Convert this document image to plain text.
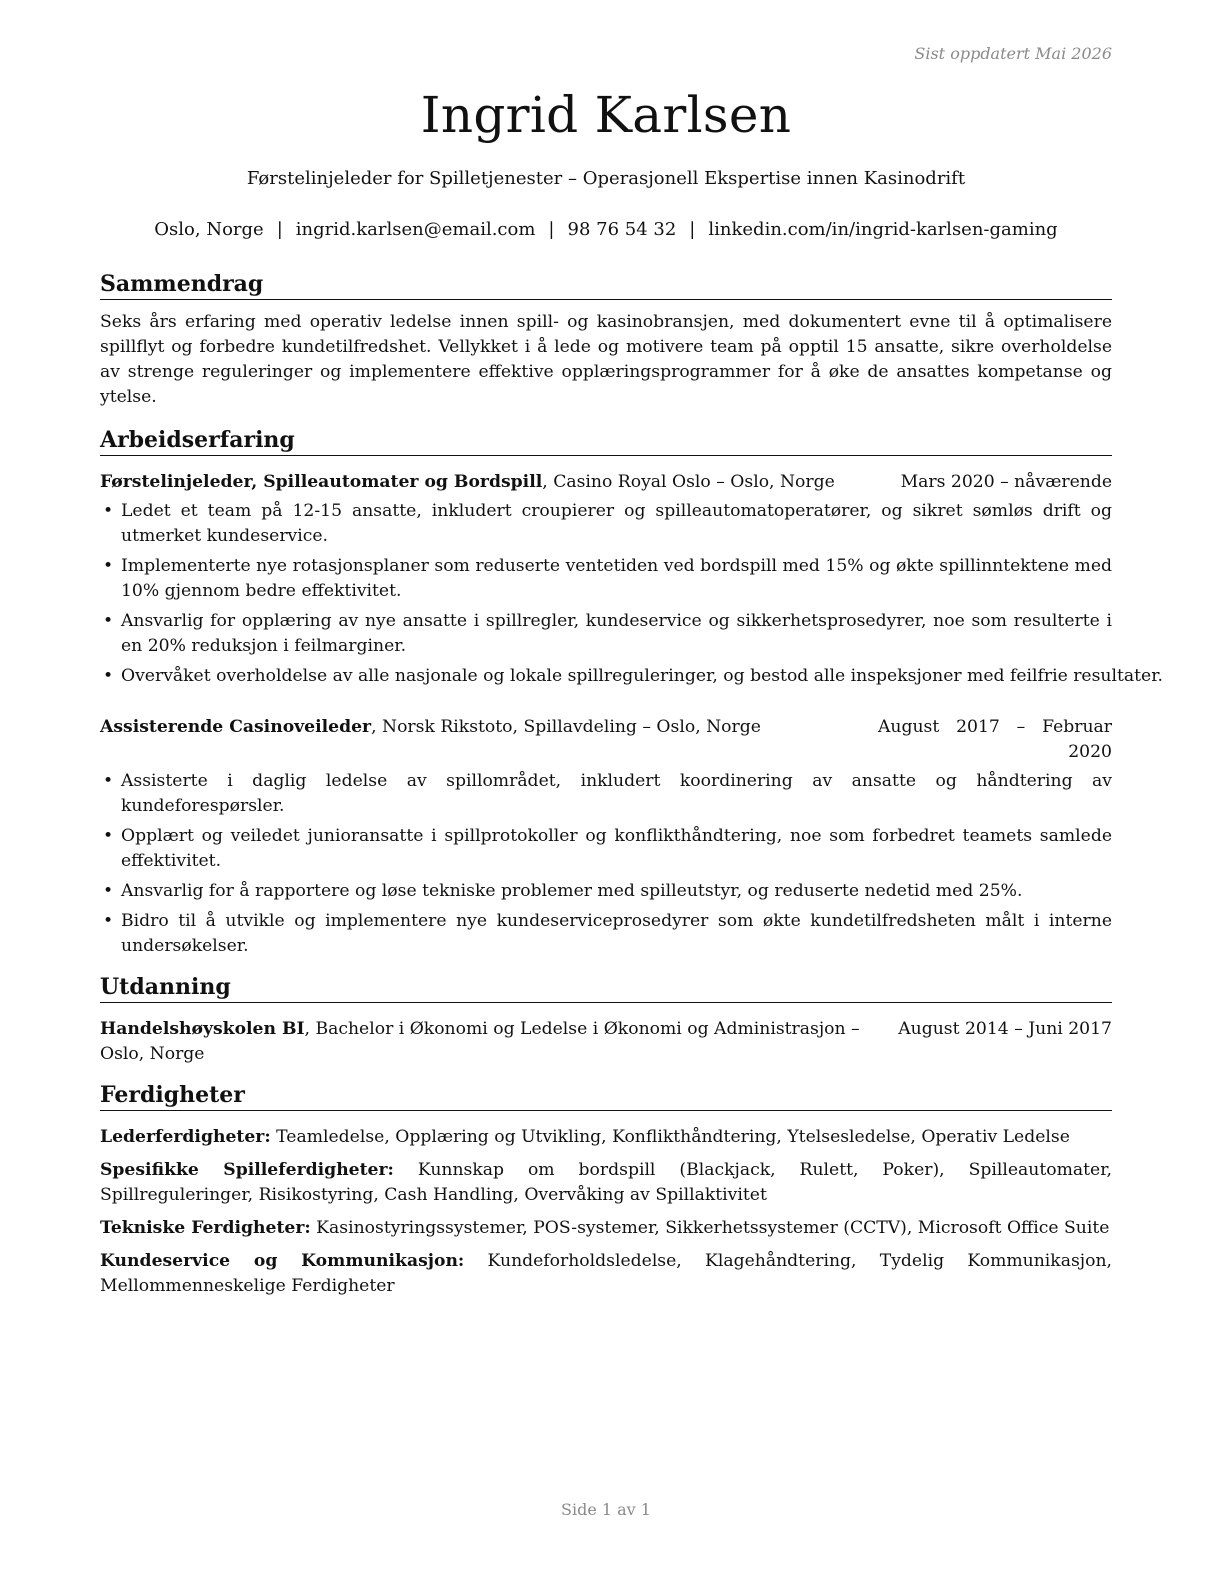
Sist oppdatert Mai 2026
Ingrid Karlsen
Førstelinjeleder for Spilletjenester – Operasjonell Ekspertise innen Kasinodrift
Oslo, Norge | ingrid.karlsen@email.com | 98 76 54 32 | linkedin.com/in/ingrid-karlsen-gaming
Sammendrag

Seks års erfaring med operativ ledelse innen spill- og kasinobransjen, med dokumentert evne til å optimalisere spillflyt og forbedre kundetilfredshet. Vellykket i å lede og motivere team på opptil 15 ansatte, sikre overholdelse av strenge reguleringer og implementere effektive opplæringsprogrammer for å øke de ansattes kompetanse og ytelse.

Arbeidserfaring
Førstelinjeleder, Spilleautomater og Bordspill, Casino Royal Oslo – Oslo, Norge	Mars 2020 – nåværende
• Ledet et team på 12-15 ansatte, inkludert croupierer og spilleautomatoperatører, og sikret sømløs drift og utmerket kundeservice.
• Implementerte nye rotasjonsplaner som reduserte ventetiden ved bordspill med 15% og økte spillinntektene med 10% gjennom bedre effektivitet.
• Ansvarlig for opplæring av nye ansatte i spillregler, kundeservice og sikkerhetsprosedyrer, noe som resulterte i en 20% reduksjon i feilmarginer.
• Overvåket overholdelse av alle nasjonale og lokale spillreguleringer, og bestod alle inspeksjoner med feilfrie resultater.
Assisterende Casinoveileder, Norsk Rikstoto, Spillavdeling – Oslo, Norge	August 2017 – Februar 2020
• Assisterte i daglig ledelse av spillområdet, inkludert koordinering av ansatte og håndtering av kundeforespørsler.
• Opplært og veiledet junioransatte i spillprotokoller og konflikthåndtering, noe som forbedret teamets samlede effektivitet.
• Ansvarlig for å rapportere og løse tekniske problemer med spilleutstyr, og reduserte nedetid med 25%.
• Bidro til å utvikle og implementere nye kundeserviceprosedyrer som økte kundetilfredsheten målt i interne undersøkelser.
Utdanning
Handelshøyskolen BI, Bachelor i Økonomi og Ledelse i Økonomi og Administrasjon – Oslo, Norge
August 2014 – Juni 2017
Ferdigheter

Lederferdigheter: Teamledelse, Opplæring og Utvikling, Konflikthåndtering, Ytelsesledelse, Operativ Ledelse

Spesifikke Spilleferdigheter: Kunnskap om bordspill (Blackjack, Rulett, Poker), Spilleautomater, Spillreguleringer, Risikostyring, Cash Handling, Overvåking av Spillaktivitet

Tekniske Ferdigheter: Kasinostyringssystemer, POS-systemer, Sikkerhetssystemer (CCTV), Microsoft Office Suite

Kundeservice og Kommunikasjon: Kundeforholdsledelse, Klagehåndtering, Tydelig Kommunikasjon, Mellommenneskelige Ferdigheter

Side 1 av 1
